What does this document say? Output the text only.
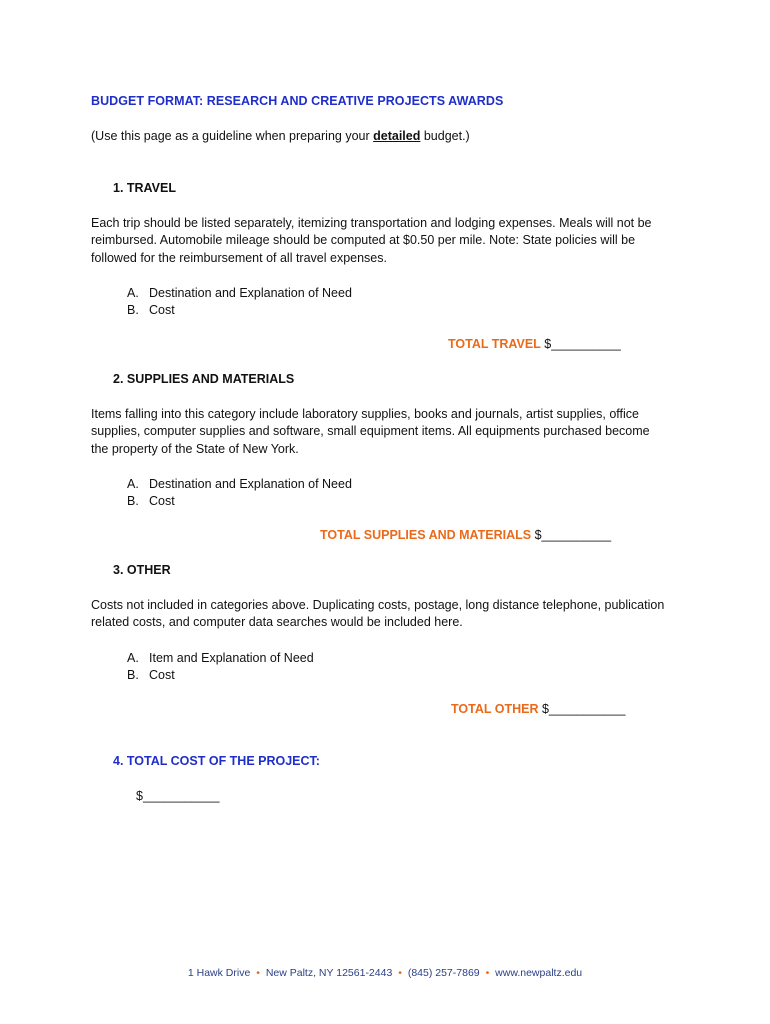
BUDGET FORMAT: RESEARCH AND CREATIVE PROJECTS AWARDS

(Use this page as a guideline when preparing your detailed budget.)

1. TRAVEL

Each trip should be listed separately, itemizing transportation and lodging expenses. Meals will not be
reimbursed. Automobile mileage should be computed at $0.50 per mile. Note: State policies will be
followed for the reimbursement of all travel expenses.
A. Destination and Explanation of Need
B. Cost

TOTAL TRAVEL $__________

2. SUPPLIES AND MATERIALS

Items falling into this category include laboratory supplies, books and journals, artist supplies, office
supplies, computer supplies and software, small equipment items. All equipments purchased become
the property of the State of New York.
A. Destination and Explanation of Need
B. Cost

TOTAL SUPPLIES AND MATERIALS $__________

3. OTHER

Costs not included in categories above. Duplicating costs, postage, long distance telephone, publication
related costs, and computer data searches would be included here.
A. Item and Explanation of Need
B. Cost

TOTAL OTHER $___________

4. TOTAL COST OF THE PROJECT:

$___________

1 Hawk Drive • New Paltz, NY 12561-2443 • (845) 257-7869 • www.newpaltz.edu
